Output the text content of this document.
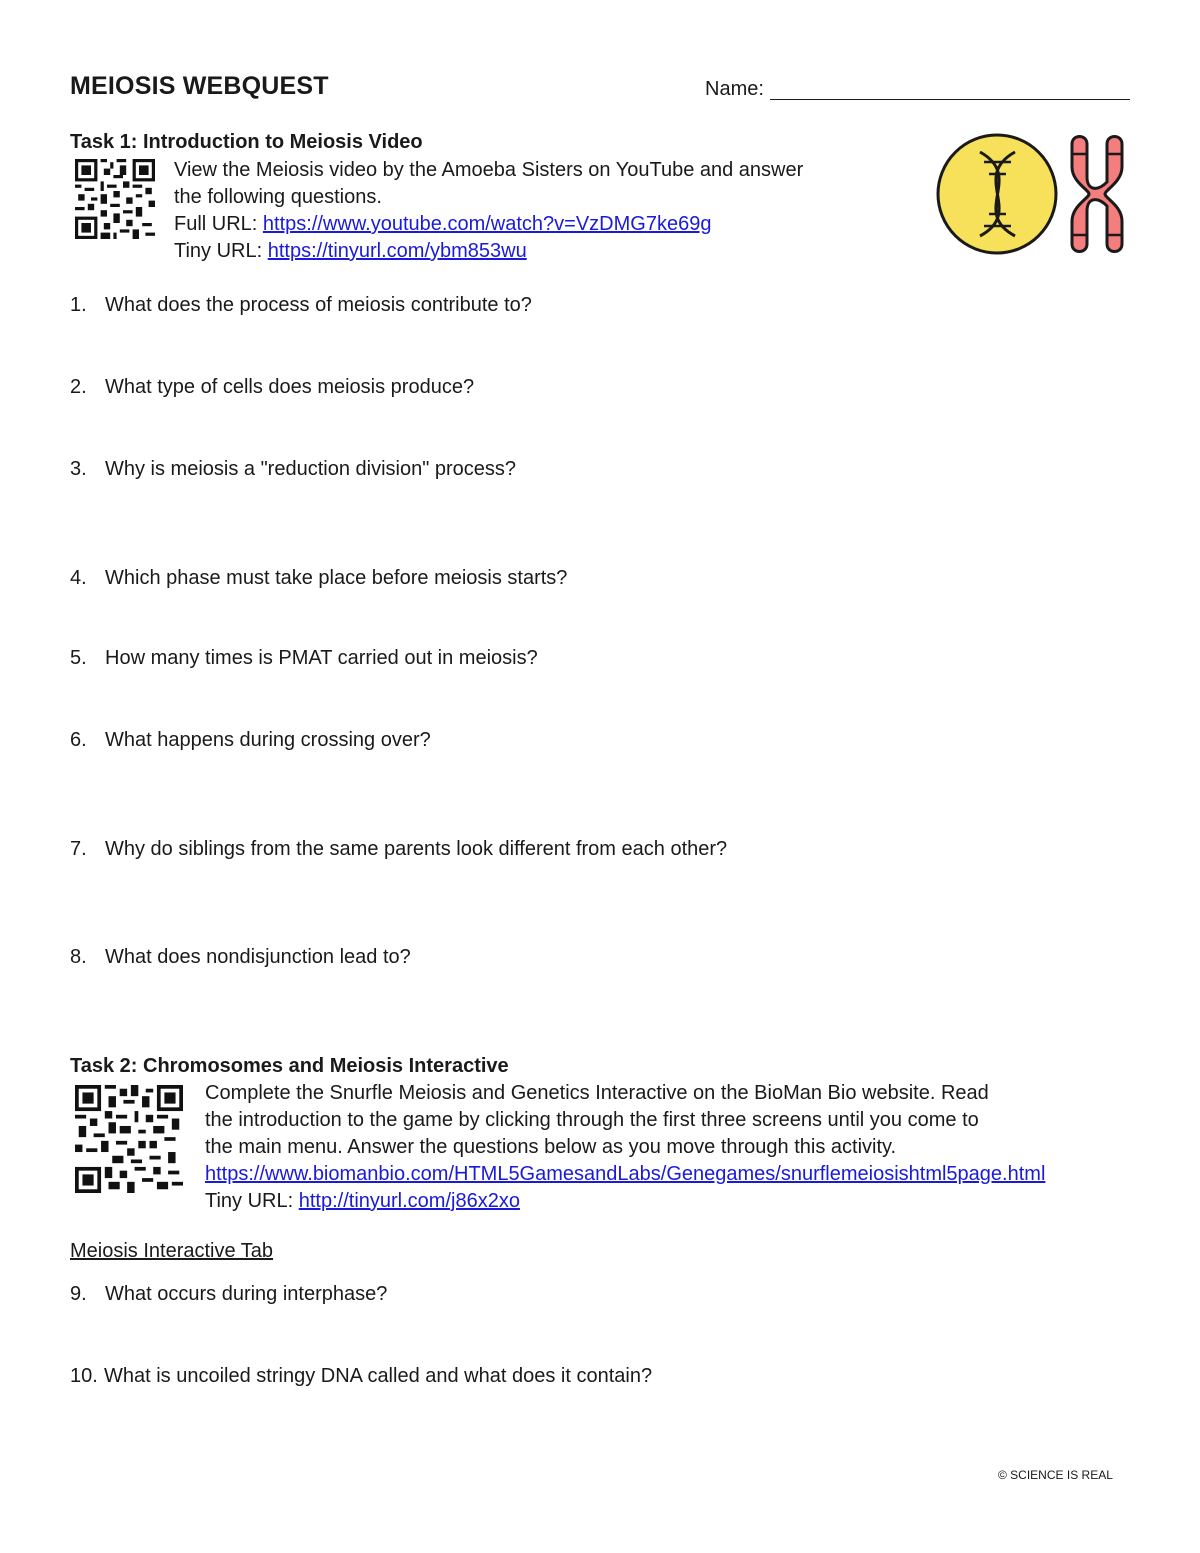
MEIOSIS WEBQUEST	Name:
Task 1: Introduction to Meiosis Video
View the Meiosis video by the Amoeba Sisters on YouTube and answer
the following questions.
Full URL: https://www.youtube.com/watch?v=VzDMG7ke69g
Tiny URL: https://tinyurl.com/ybm853wu
1. What does the process of meiosis contribute to?
2. What type of cells does meiosis produce?
3. Why is meiosis a "reduction division" process?
4. Which phase must take place before meiosis starts?
5. How many times is PMAT carried out in meiosis?
6. What happens during crossing over?
7. Why do siblings from the same parents look different from each other?
8. What does nondisjunction lead to?
Task 2: Chromosomes and Meiosis Interactive
Complete the Snurfle Meiosis and Genetics Interactive on the BioMan Bio website. Read
the introduction to the game by clicking through the first three screens until you come to
the main menu. Answer the questions below as you move through this activity.
https://www.biomanbio.com/HTML5GamesandLabs/Genegames/snurflemeiosishtml5page.html
Tiny URL: http://tinyurl.com/j86x2xo
Meiosis Interactive Tab
9. What occurs during interphase?
10. What is uncoiled stringy DNA called and what does it contain?
© SCIENCE IS REAL
